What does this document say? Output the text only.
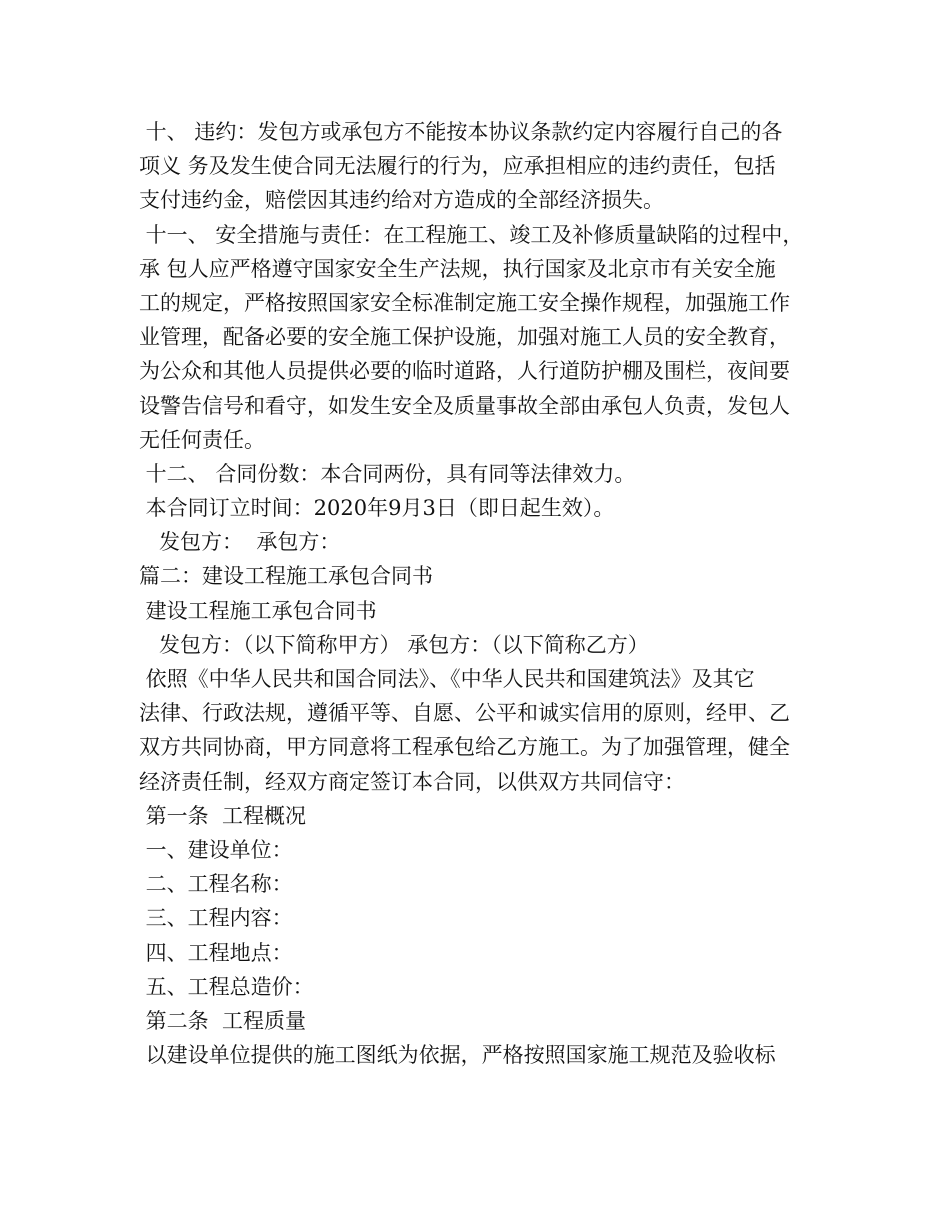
十、 违约：发包方或承包方不能按本协议条款约定内容履行自己的各
项义 务及发生使合同无法履行的行为，应承担相应的违约责任，包括
支付违约金，赔偿因其违约给对方造成的全部经济损失。
十一、 安全措施与责任：在工程施工、竣工及补修质量缺陷的过程中，
承 包人应严格遵守国家安全生产法规，执行国家及北京市有关安全施
工的规定，严格按照国家安全标准制定施工安全操作规程，加强施工作
业管理，配备必要的安全施工保护设施，加强对施工人员的安全教育，
为公众和其他人员提供必要的临时道路，人行道防护棚及围栏，夜间要
设警告信号和看守，如发生安全及质量事故全部由承包人负责，发包人
无任何责任。
十二、 合同份数：本合同两份，具有同等法律效力。
本合同订立时间：2020年9月3日（即日起生效）。
发包方：  承包方：
篇二：建设工程施工承包合同书
建设工程施工承包合同书
发包方：（以下简称甲方） 承包方：（以下简称乙方）
依照《中华人民共和国合同法》、《中华人民共和国建筑法》及其它
法律、行政法规，遵循平等、自愿、公平和诚实信用的原则，经甲、乙
双方共同协商，甲方同意将工程承包给乙方施工。为了加强管理，健全
经济责任制，经双方商定签订本合同，以供双方共同信守：
第一条  工程概况
一、建设单位：
二、工程名称：
三、工程内容：
四、工程地点：
五、工程总造价：
第二条  工程质量
以建设单位提供的施工图纸为依据，严格按照国家施工规范及验收标
